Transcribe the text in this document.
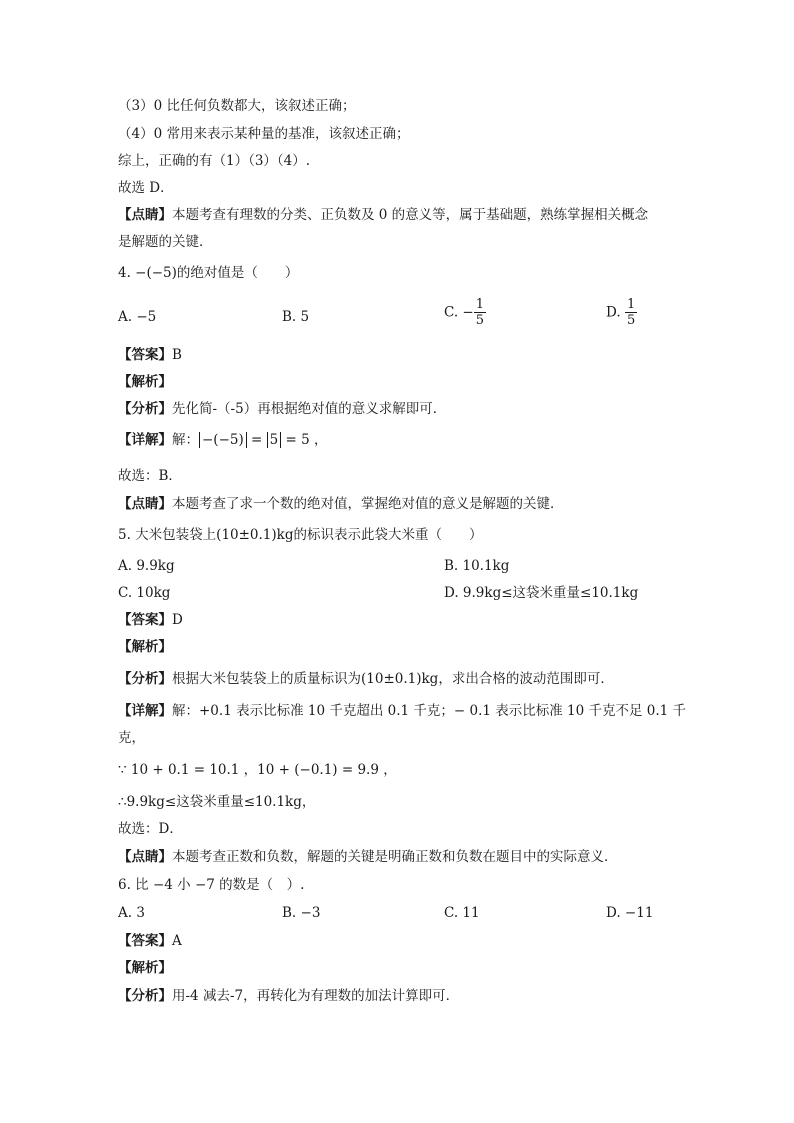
（3）0 比任何负数都大，该叙述正确；
（4）0 常用来表示某种量的基准，该叙述正确；
综上，正确的有（1）（3）（4）.
故选 D．
【点睛】本题考查有理数的分类、正负数及 0 的意义等，属于基础题，熟练掌握相关概念
是解题的关键．
4. −(−5)的绝对值是（　　）
A. −5	B. 5	C. − $\frac{1}{5}$	D. $\frac{1}{5}$
【答案】B
【解析】
【分析】先化简-（-5）再根据绝对值的意义求解即可．
【详解】解： −(−5) = 5 = 5 ，
故选：B．
【点睛】本题考查了求一个数的绝对值，掌握绝对值的意义是解题的关键．
5. 大米包装袋上(10±0.1)kg的标识表示此袋大米重（　　）
A. 9.9kg	B. 10.1kg
C. 10kg	D. 9.9kg≤这袋米重量≤10.1kg
【答案】D
【解析】
【分析】根据大米包装袋上的质量标识为(10±0.1)kg，求出合格的波动范围即可．
【详解】解：+0.1 表示比标准 10 千克超出 0.1 千克；− 0.1 表示比标准 10 千克不足 0.1 千
克，
∵ 10 + 0.1 = 10.1 ，10 + (−0.1) = 9.9 ，
∴9.9kg≤这袋米重量≤10.1kg，
故选：D．
【点睛】本题考查正数和负数，解题的关键是明确正数和负数在题目中的实际意义．
6. 比 −4 小 −7 的数是（　）.
A. 3	B. −3	C. 11	D. −11
【答案】A
【解析】
【分析】用-4 减去-7，再转化为有理数的加法计算即可．
